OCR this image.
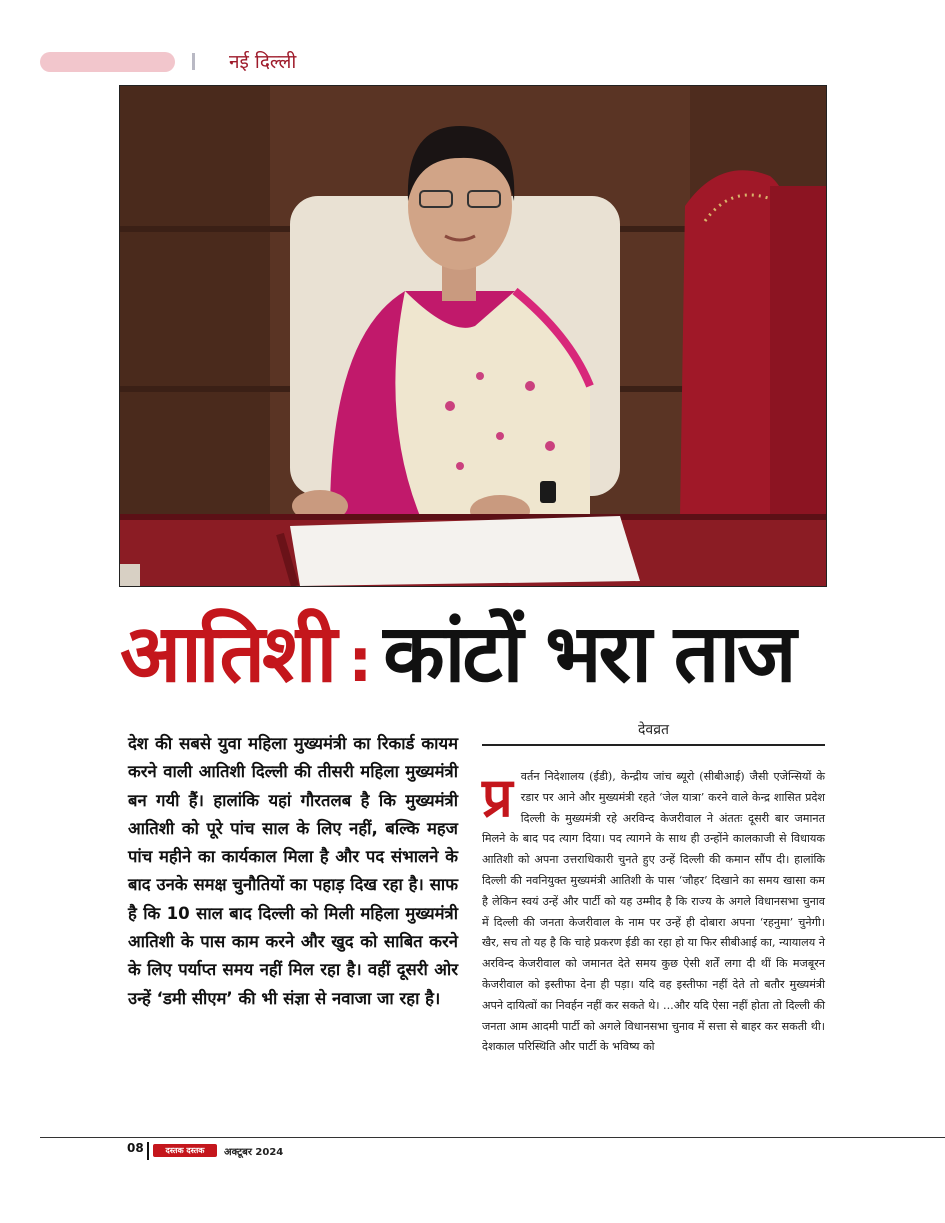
नई दिल्ली
आतिशी : कांटों भरा ताज
देश की सबसे युवा महिला मुख्यमंत्री का रिकार्ड कायम करने वाली आतिशी दिल्ली की तीसरी महिला मुख्यमंत्री बन गयी हैं। हालांकि यहां गौरतलब है कि मुख्यमंत्री आतिशी को पूरे पांच साल के लिए नहीं, बल्कि महज पांच महीने का कार्यकाल मिला है और पद संभालने के बाद उनके समक्ष चुनौतियों का पहाड़ दिख रहा है। साफ है कि 10 साल बाद दिल्ली को मिली महिला मुख्यमंत्री आतिशी के पास काम करने और खुद को साबित करने के लिए पर्याप्त समय नहीं मिल रहा है। वहीं दूसरी ओर उन्हें ‘डमी सीएम’ की भी संज्ञा से नवाजा जा रहा है।
देवव्रत
प्र वर्तन निदेशालय (ईडी), केन्द्रीय जांच ब्यूरो (सीबीआई) जैसी एजेन्सियों के रडार पर आने और मुख्यमंत्री रहते ‘जेल यात्रा’ करने वाले केन्द्र शासित प्रदेश दिल्ली के मुख्यमंत्री रहे अरविन्द केजरीवाल ने अंततः दूसरी बार जमानत मिलने के बाद पद त्याग दिया। पद त्यागने के साथ ही उन्होंने कालकाजी से विधायक आतिशी को अपना उत्तराधिकारी चुनते हुए उन्हें दिल्ली की कमान सौंप दी। हालांकि दिल्ली की नवनियुक्त मुख्यमंत्री आतिशी के पास ‘जौहर’ दिखाने का समय खासा कम है लेकिन स्वयं उन्हें और पार्टी को यह उम्मीद है कि राज्य के अगले विधानसभा चुनाव में दिल्ली की जनता केजरीवाल के नाम पर उन्हें ही दोबारा अपना ‘रहनुमा’ चुनेगी। खैर, सच तो यह है कि चाहे प्रकरण ईडी का रहा हो या फिर सीबीआई का, न्यायालय ने अरविन्द केजरीवाल को जमानत देते समय कुछ ऐसी शर्तें लगा दी थीं कि मजबूरन केजरीवाल को इस्तीफा देना ही पड़ा। यदि वह इस्तीफा नहीं देते तो बतौर मुख्यमंत्री अपने दायित्वों का निवर्हन नहीं कर सकते थे। ...और यदि ऐसा नहीं होता तो दिल्ली की जनता आम आदमी पार्टी को अगले विधानसभा चुनाव में सत्ता से बाहर कर सकती थी। देशकाल परिस्थिति और पार्टी के भविष्य को
08	दस्तक दस्तक	अक्टूबर 2024
